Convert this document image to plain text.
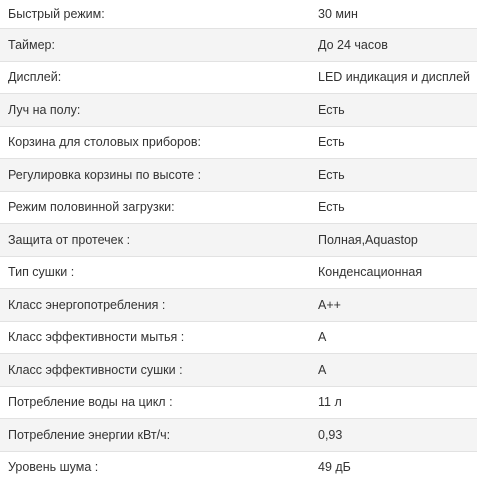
Быстрый режим:	30 мин
Таймер:	До 24 часов
Дисплей:	LED индикация и дисплей
Луч на полу:	Есть
Корзина для столовых приборов:	Есть
Регулировка корзины по высоте :	Есть
Режим половинной загрузки:	Есть
Защита от протечек :	Полная,Aquastop
Тип сушки :	Конденсационная
Класс энергопотребления :	A++
Класс эффективности мытья :	A
Класс эффективности сушки :	A
Потребление воды на цикл :	11 л
Потребление энергии кВт/ч:	0,93
Уровень шума :	49 дБ
